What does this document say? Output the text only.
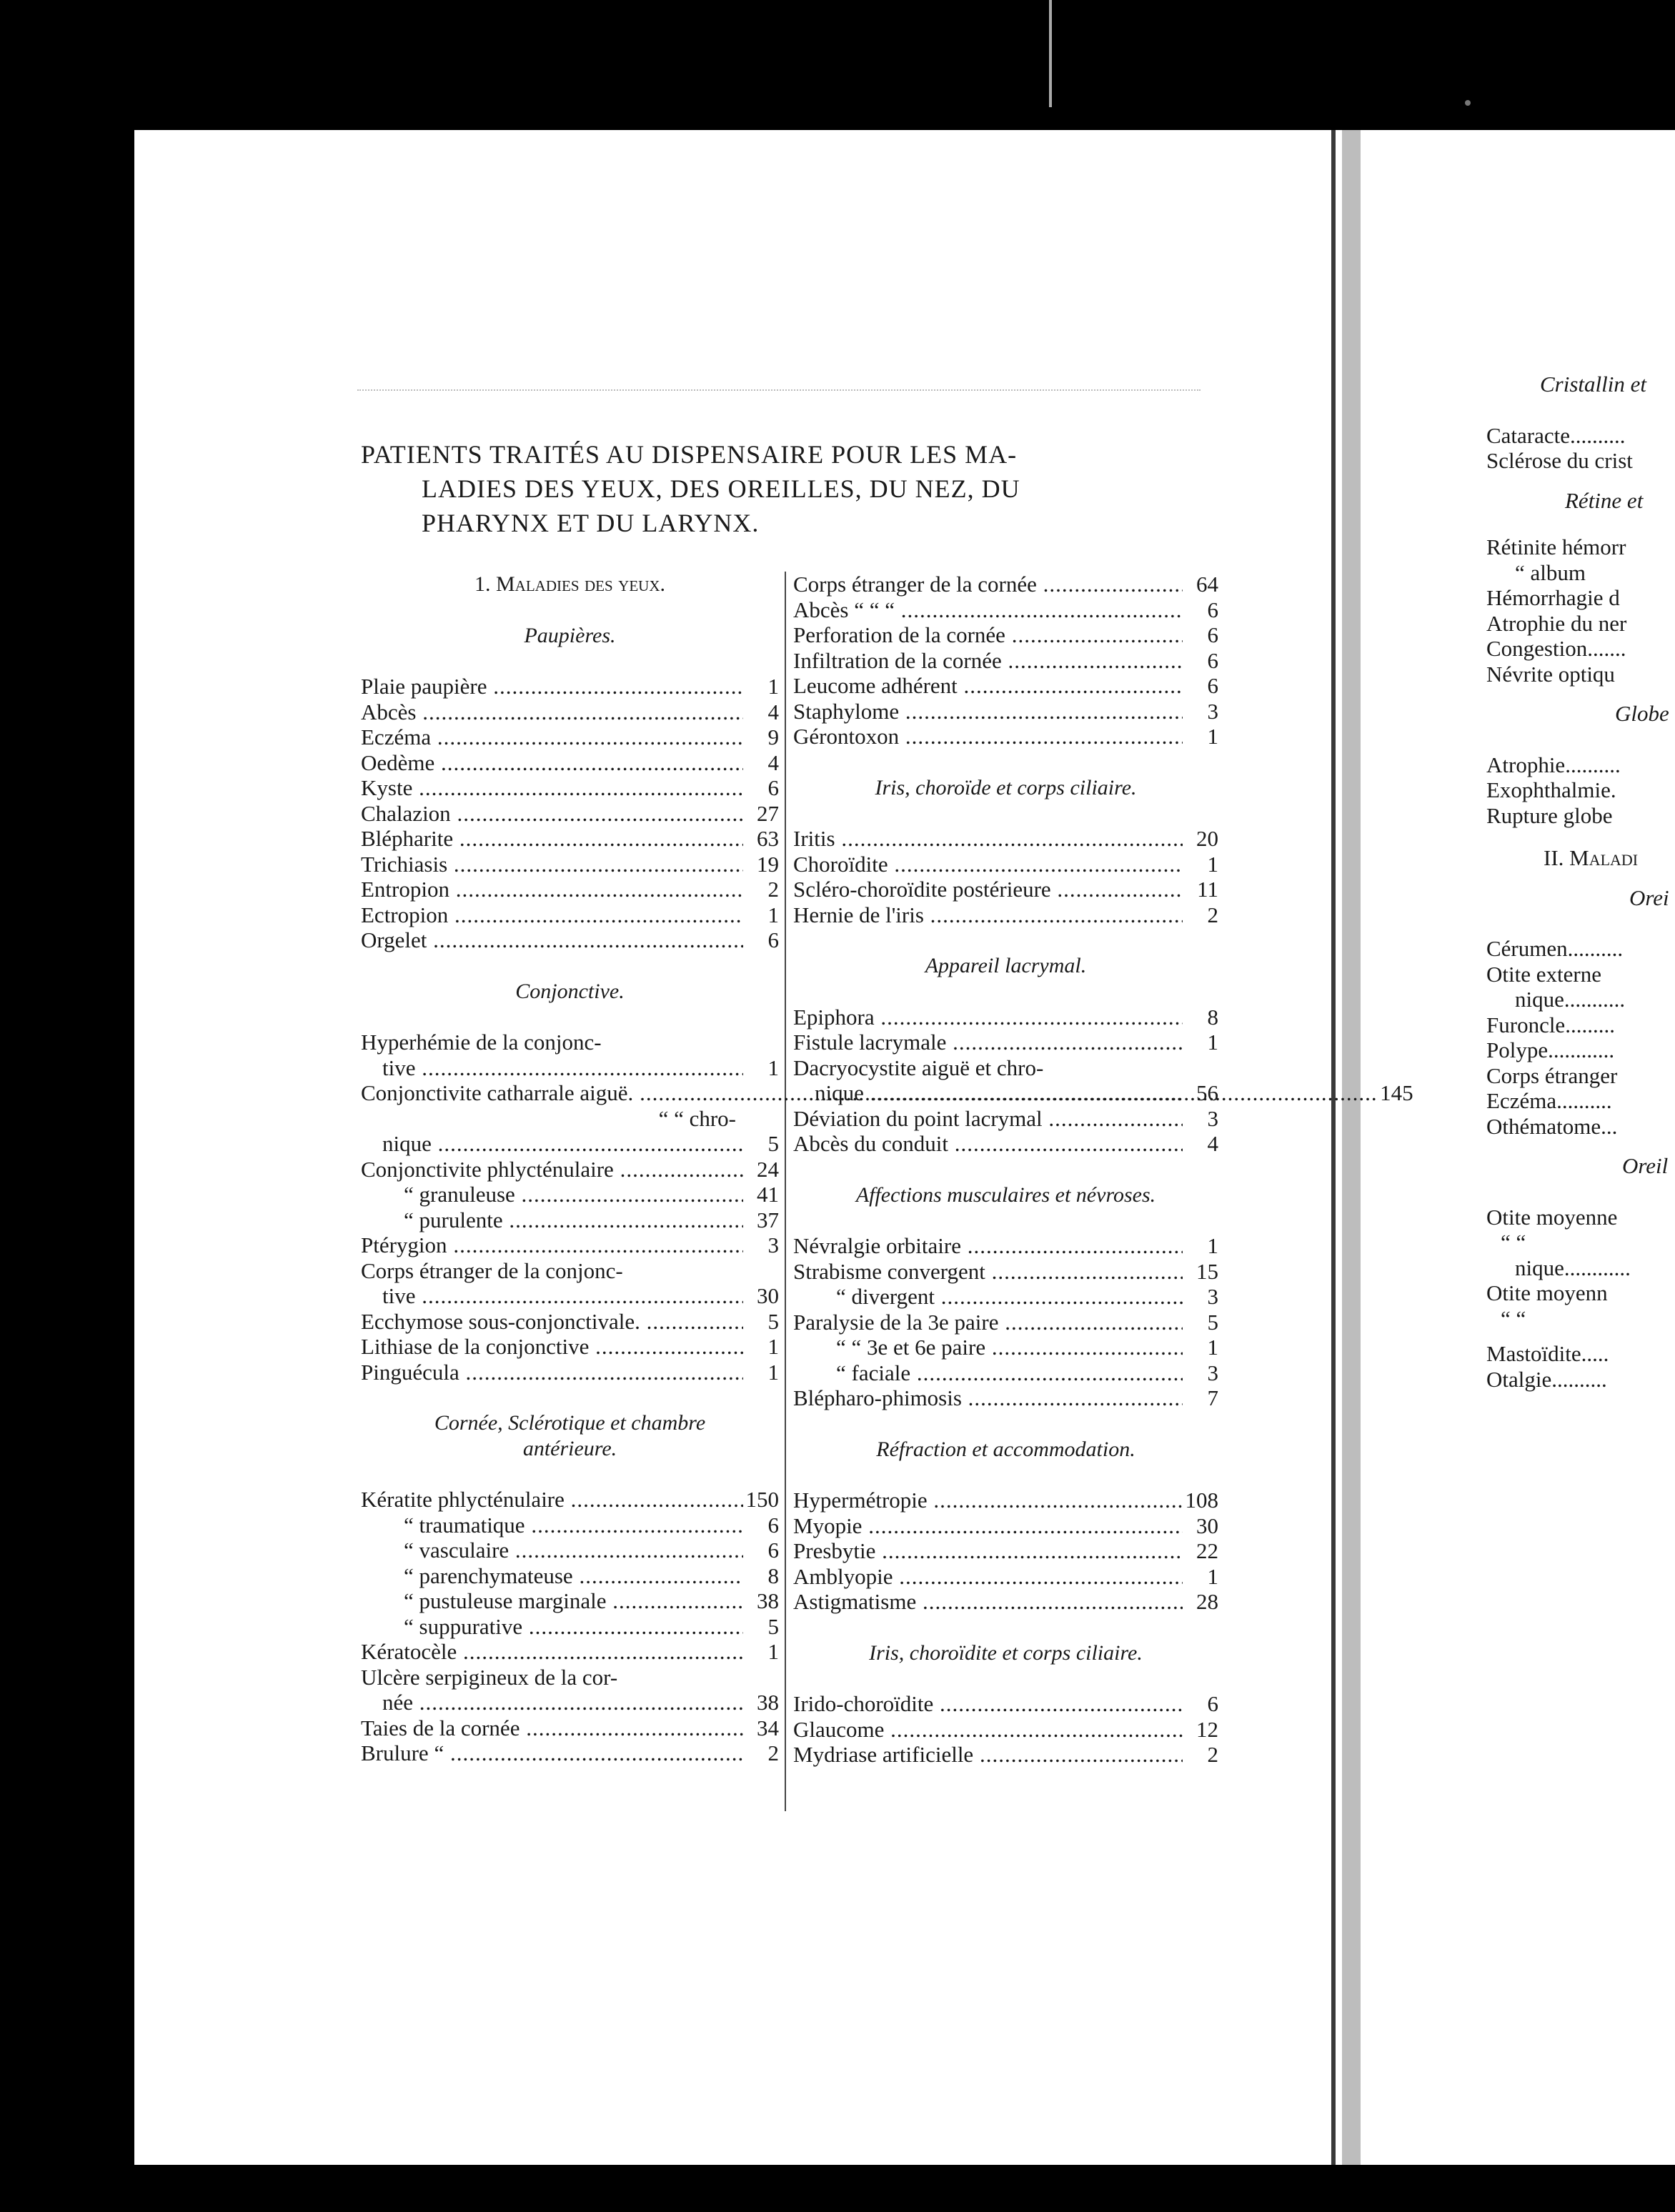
PATIENTS TRAITÉS AU DISPENSAIRE POUR LES MA-
LADIES DES YEUX, DES OREILLES, DU NEZ, DU
PHARYNX ET DU LARYNX.
1. Maladies des yeux.
Paupières.
Plaie paupière .....	1
Abcès .....	4
Eczéma .....	9
Oedème .....	4
Kyste .....	6
Chalazion .....	27
Blépharite .....	63
Trichiasis .....	19
Entropion .....	2
Ectropion .....	1
Orgelet .....	6
Conjonctive.
Hyperhémie de la conjonc-
tive .....	1
Conjonctivite catharrale aiguë. .....	145
“ “ chro-
nique .....	5
Conjonctivite phlycténulaire .....	24
“ granuleuse .....	41
“ purulente .....	37
Ptérygion .....	3
Corps étranger de la conjonc-
tive .....	30
Ecchymose sous-conjonctivale. .....	5
Lithiase de la conjonctive .....	1
Pinguécula .....	1
Cornée, Sclérotique et chambre
antérieure.
Kératite phlycténulaire .....	150
“ traumatique .....	6
“ vasculaire .....	6
“ parenchymateuse .....	8
“ pustuleuse marginale .....	38
“ suppurative .....	5
Kératocèle .....	1
Ulcère serpigineux de la cor-
née .....	38
Taies de la cornée .....	34
Brulure “ .....	2
Corps étranger de la cornée .....	64
Abcès “ “ “ .....	6
Perforation de la cornée .....	6
Infiltration de la cornée .....	6
Leucome adhérent .....	6
Staphylome .....	3
Gérontoxon .....	1
Iris, choroïde et corps ciliaire.
Iritis .....	20
Choroïdite .....	1
Scléro-choroïdite postérieure .....	11
Hernie de l'iris .....	2
Appareil lacrymal.
Epiphora .....	8
Fistule lacrymale .....	1
Dacryocystite aiguë et chro-
nique .....	56
Déviation du point lacrymal .....	3
Abcès du conduit .....	4
Affections musculaires et névroses.
Névralgie orbitaire .....	1
Strabisme convergent .....	15
“ divergent .....	3
Paralysie de la 3e paire .....	5
“ “ 3e et 6e paire .....	1
“ faciale .....	3
Blépharo-phimosis .....	7
Réfraction et accommodation.
Hypermétropie .....	108
Myopie .....	30
Presbytie .....	22
Amblyopie .....	1
Astigmatisme .....	28
Iris, choroïdite et corps ciliaire.
Irido-choroïdite .....	6
Glaucome .....	12
Mydriase artificielle .....	2
Cristallin et
Cataracte..........
Sclérose du crist
Rétine et
Rétinite hémorr
“ album
Hémorrhagie d
Atrophie du ner
Congestion.......
Névrite optiqu
Globe
Atrophie..........
Exophthalmie.
Rupture globe
II. Maladi
Orei
Cérumen..........
Otite externe
nique...........
Furoncle.........
Polype............
Corps étranger
Eczéma..........
Othématome...
Oreil
Otite moyenne
“ “
nique............
Otite moyenn
“ “
Mastoïdite.....
Otalgie..........
